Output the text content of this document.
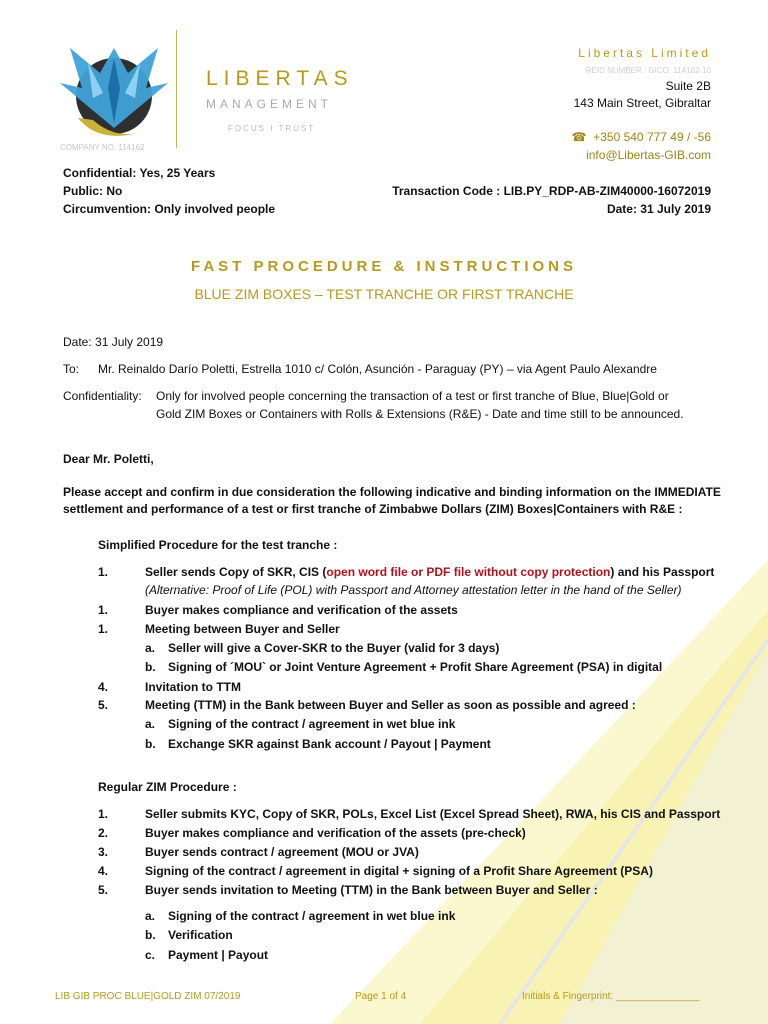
LIBERTAS
MANAGEMENT
FOCUS I TRUST
COMPANY NO. 114162
Libertas Limited
REID NUMBER : GICO. 114162-10
Suite 2B
143 Main Street, Gibraltar
☎  +350 540 777 49 / -56
info@Libertas-GIB.com
Confidential: Yes, 25 Years
Public: No
Circumvention: Only involved people
Transaction Code : LIB.PY_RDP-AB-ZIM40000-16072019
Date: 31 July 2019
FAST PROCEDURE & INSTRUCTIONS
BLUE ZIM BOXES – TEST TRANCHE OR FIRST TRANCHE
Date: 31 July 2019
To: Mr. Reinaldo Darío Poletti, Estrella 1010 c/ Colón, Asunción - Paraguay (PY) – via Agent Paulo Alexandre
Confidentiality: Only for involved people concerning the transaction of a test or first tranche of Blue, Blue|Gold or
Gold ZIM Boxes or Containers with Rolls & Extensions (R&E) - Date and time still to be announced.
Dear Mr. Poletti,
Please accept and confirm in due consideration the following indicative and binding information on the IMMEDIATE
settlement and performance of a test or first tranche of Zimbabwe Dollars (ZIM) Boxes|Containers with R&E :
Simplified Procedure for the test tranche :
1.	Seller sends Copy of SKR, CIS (open word file or PDF file without copy protection) and his Passport
(Alternative: Proof of Life (POL) with Passport and Attorney attestation letter in the hand of the Seller)
1.	Buyer makes compliance and verification of the assets
1.	Meeting between Buyer and Seller
a. Seller will give a Cover-SKR to the Buyer (valid for 3 days)
b. Signing of ´MOU` or Joint Venture Agreement + Profit Share Agreement (PSA) in digital
4.	Invitation to TTM
5.	Meeting (TTM) in the Bank between Buyer and Seller as soon as possible and agreed :
a. Signing of the contract / agreement in wet blue ink
b. Exchange SKR against Bank account / Payout | Payment
Regular ZIM Procedure :
1.	Seller submits KYC, Copy of SKR, POLs, Excel List (Excel Spread Sheet), RWA, his CIS and Passport
2.	Buyer makes compliance and verification of the assets (pre-check)
3.	Buyer sends contract / agreement (MOU or JVA)
4.	Signing of the contract / agreement in digital + signing of a Profit Share Agreement (PSA)
5.	Buyer sends invitation to Meeting (TTM) in the Bank between Buyer and Seller :
a. Signing of the contract / agreement in wet blue ink
b. Verification
c. Payment | Payout
LIB GIB PROC BLUE|GOLD ZIM 07/2019	Page 1 of 4	Initials & Fingerprint: _______________
